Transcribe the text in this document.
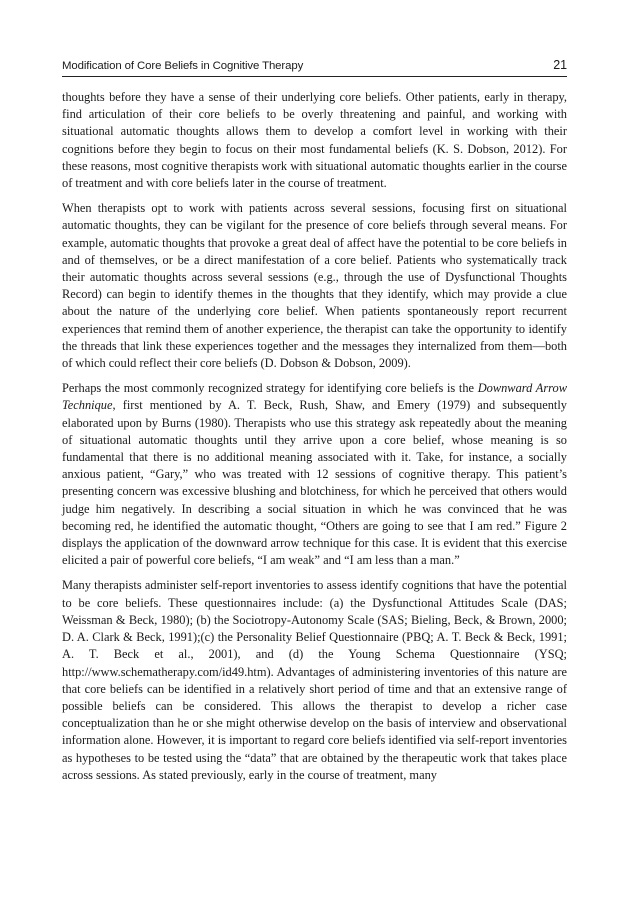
Modification of Core Beliefs in Cognitive Therapy	21

thoughts before they have a sense of their underlying core beliefs. Other patients, early in therapy, find articulation of their core beliefs to be overly threatening and painful, and working with situational automatic thoughts allows them to develop a comfort level in working with their cognitions before they begin to focus on their most fundamental beliefs (K. S. Dobson, 2012). For these reasons, most cognitive therapists work with situational automatic thoughts earlier in the course of treatment and with core beliefs later in the course of treatment.

When therapists opt to work with patients across several sessions, focusing first on situational automatic thoughts, they can be vigilant for the presence of core beliefs through several means. For example, automatic thoughts that provoke a great deal of affect have the potential to be core beliefs in and of themselves, or be a direct manifestation of a core belief. Patients who systematically track their automatic thoughts across several sessions (e.g., through the use of Dysfunctional Thoughts Record) can begin to identify themes in the thoughts that they identify, which may provide a clue about the nature of the underlying core belief. When patients spontaneously report recurrent experiences that remind them of another experience, the therapist can take the opportunity to identify the threads that link these experiences together and the messages they internalized from them—both of which could reflect their core beliefs (D. Dobson & Dobson, 2009).

Perhaps the most commonly recognized strategy for identifying core beliefs is the Downward Arrow Technique, first mentioned by A. T. Beck, Rush, Shaw, and Emery (1979) and subsequently elaborated upon by Burns (1980). Therapists who use this strategy ask repeatedly about the meaning of situational automatic thoughts until they arrive upon a core belief, whose meaning is so fundamental that there is no additional meaning associated with it. Take, for instance, a socially anxious patient, “Gary,” who was treated with 12 sessions of cognitive therapy. This patient’s presenting concern was excessive blushing and blotchiness, for which he perceived that others would judge him negatively. In describing a social situation in which he was convinced that he was becoming red, he identified the automatic thought, “Others are going to see that I am red.” Figure 2 displays the application of the downward arrow technique for this case. It is evident that this exercise elicited a pair of powerful core beliefs, “I am weak” and “I am less than a man.”

Many therapists administer self-report inventories to assess identify cognitions that have the potential to be core beliefs. These questionnaires include: (a) the Dysfunctional Attitudes Scale (DAS; Weissman & Beck, 1980); (b) the Sociotropy-Autonomy Scale (SAS; Bieling, Beck, & Brown, 2000; D. A. Clark & Beck, 1991);(c) the Personality Belief Questionnaire (PBQ; A. T. Beck & Beck, 1991; A. T. Beck et al., 2001), and (d) the Young Schema Questionnaire (YSQ; http://www.schematherapy.com/id49.htm). Advantages of administering inventories of this nature are that core beliefs can be identified in a relatively short period of time and that an extensive range of possible beliefs can be considered. This allows the therapist to develop a richer case conceptualization than he or she might otherwise develop on the basis of interview and observational information alone. However, it is important to regard core beliefs identified via self-report inventories as hypotheses to be tested using the “data” that are obtained by the therapeutic work that takes place across sessions. As stated previously, early in the course of treatment, many
